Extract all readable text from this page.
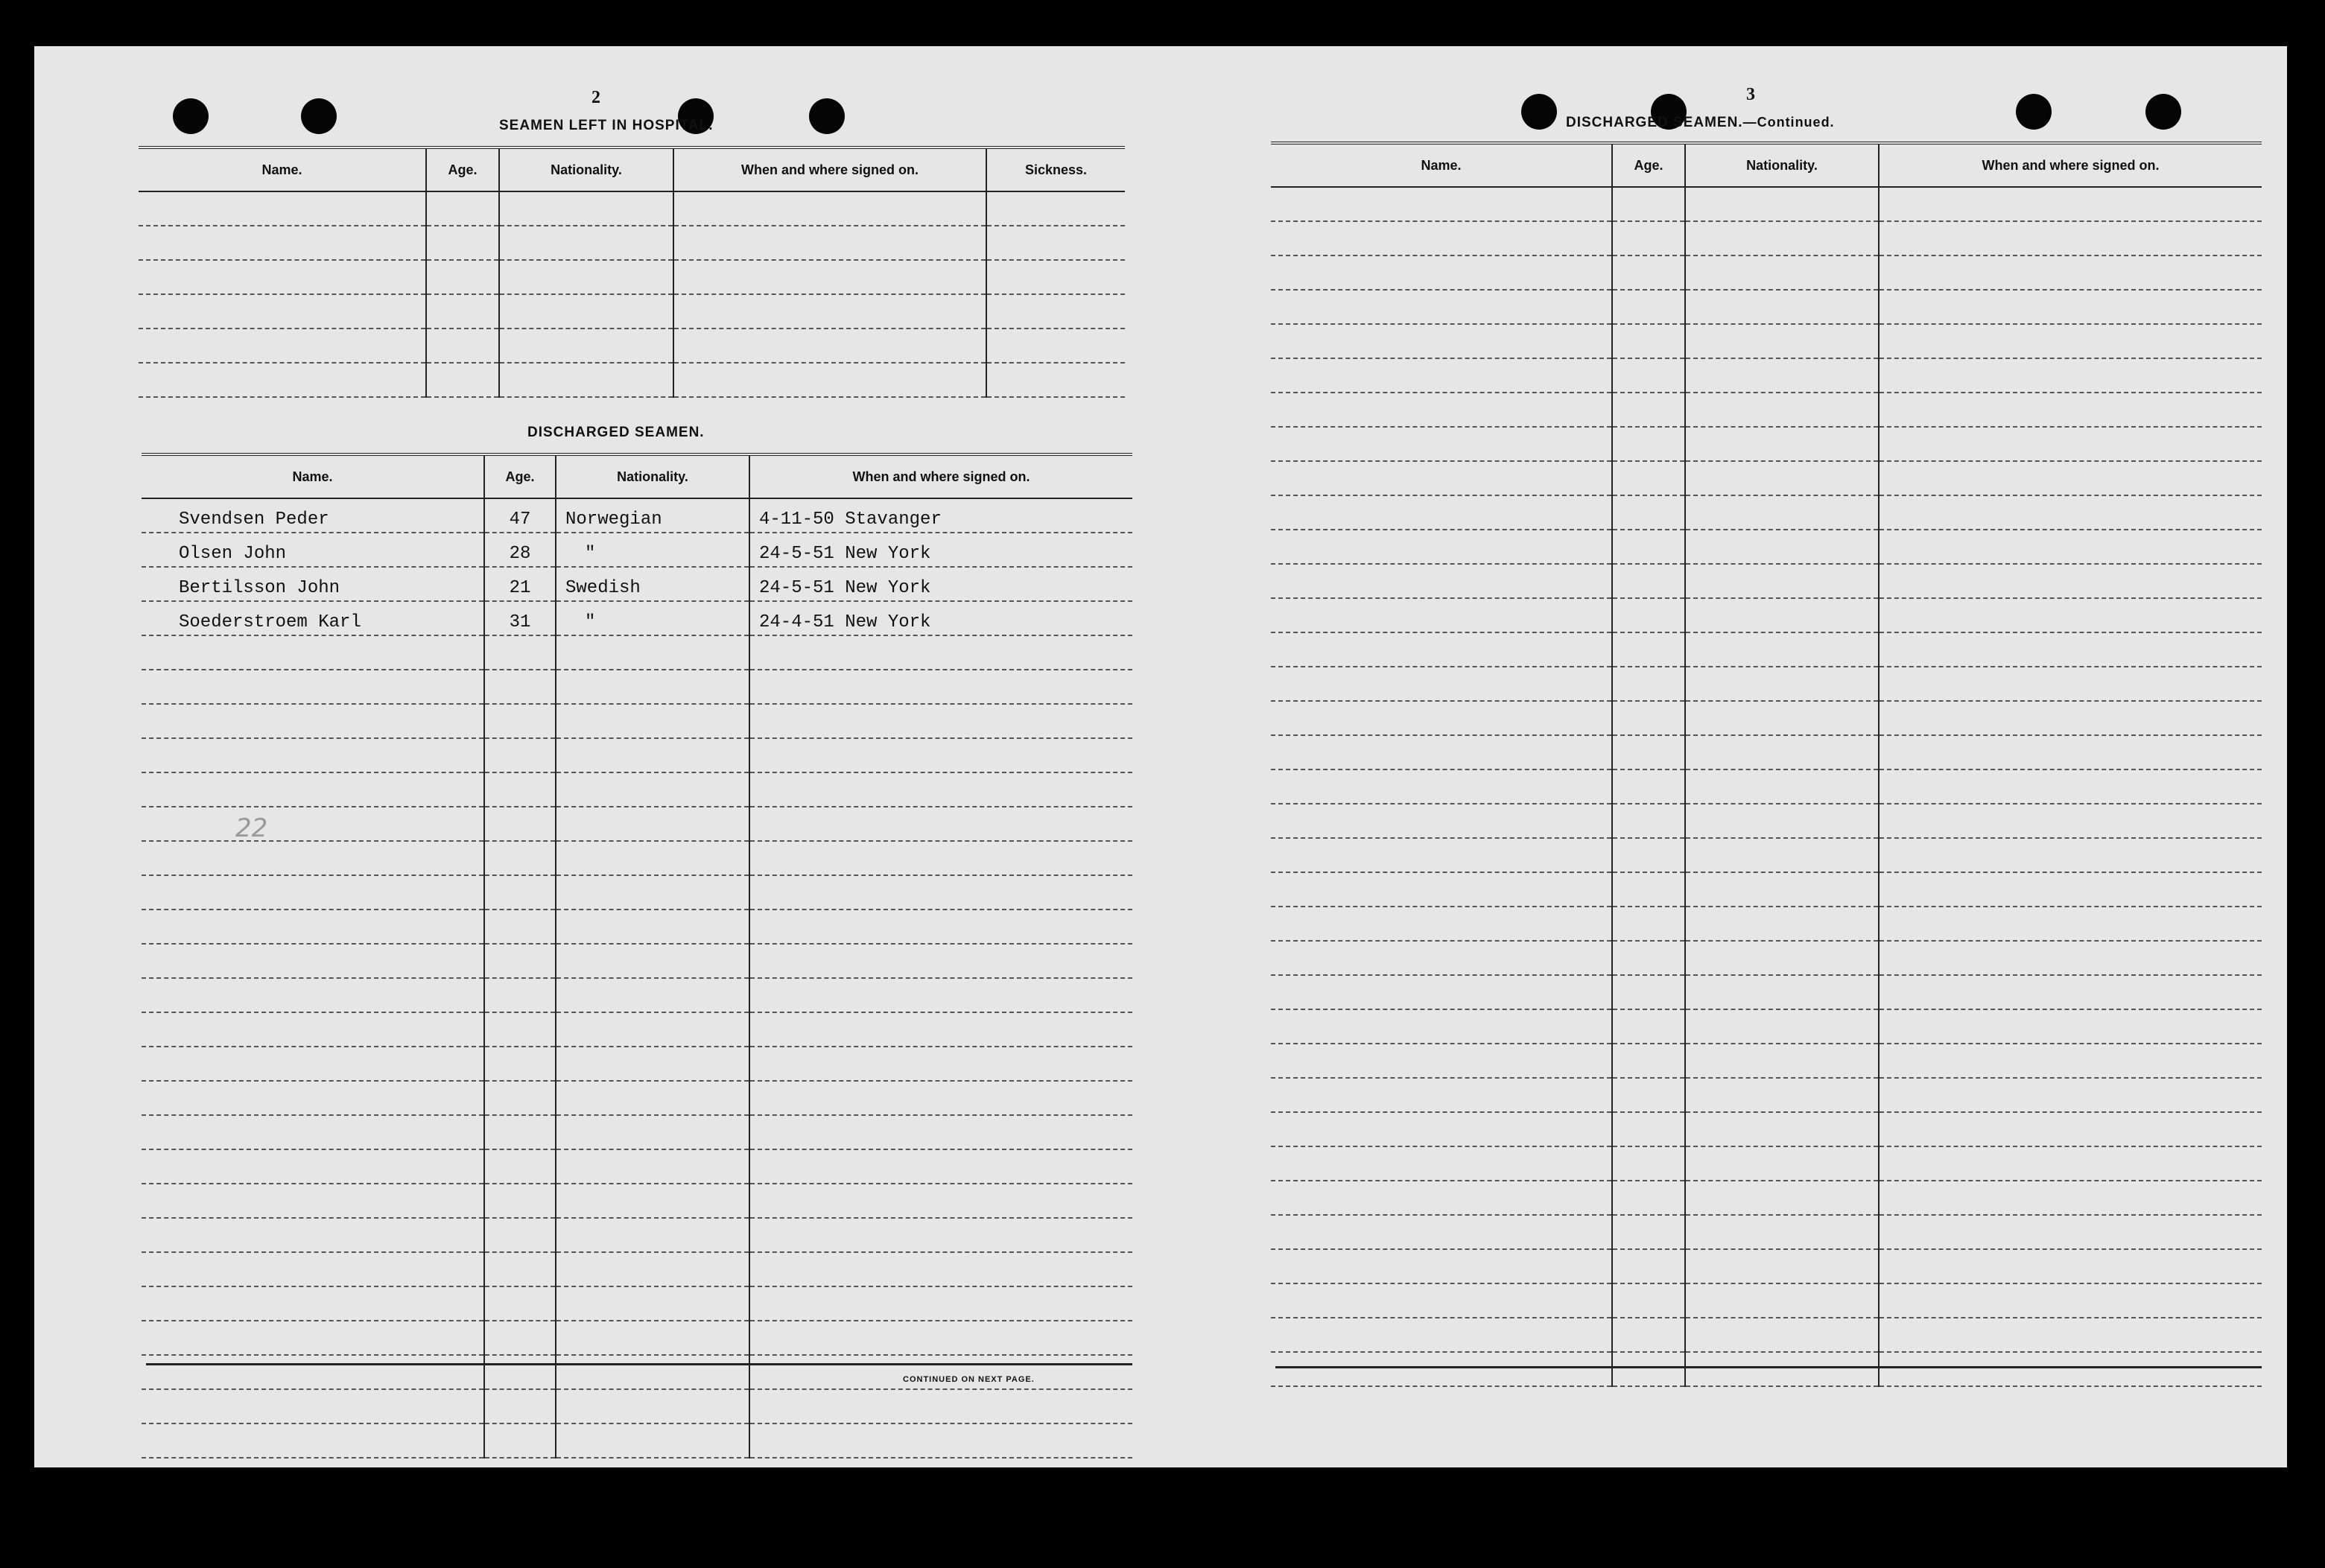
2
SEAMEN LEFT IN HOSPITAL.
Name.	Age.	Nationality.	When and where signed on.	Sickness.

DISCHARGED SEAMEN.
Name.	Age.	Nationality.	When and where signed on.
Svendsen Peder	47	Norwegian	4-11-50 Stavanger
Olsen John	28	"	24-5-51 New York
Bertilsson John	21	Swedish	24-5-51 New York
Soederstroem Karl	31	"	24-4-51 New York

22
CONTINUED ON NEXT PAGE.
3
DISCHARGED SEAMEN.—Continued.
Name.	Age.	Nationality.	When and where signed on.
